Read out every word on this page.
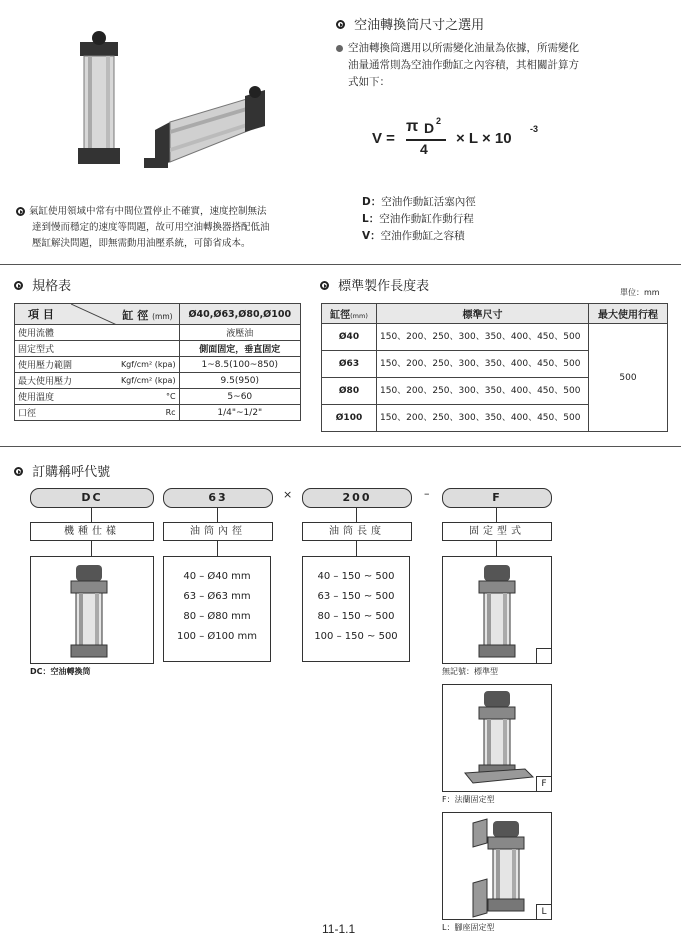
空油轉換筒尺寸之選用
空油轉換筒選用以所需變化油量為依據，所需變化
油量通常則為空油作動缸之內容積，其相關計算方
式如下：
V =
π D 2
4
× L × 10
-3
D：空油作動缸活塞內徑
L：空油作動缸作動行程
V：空油作動缸之容積
氣缸使用領域中常有中間位置停止不確實，速度控制無法
達到慢而穩定的速度等問題，故可用空油轉換器搭配低油
壓缸解決問題，即無需動用油壓系統，可節省成本。
規格表
項 目 缸 徑 (mm)		Ø40,Ø63,Ø80,Ø100
使用流體		液壓油
固定型式		側面固定，垂直固定
使用壓力範圍	Kgf/cm² (kpa)	1~8.5(100~850)
最大使用壓力	Kgf/cm² (kpa)	9.5(950)
使用溫度	°C	5~60
口徑	Rc	1/4"~1/2"
標準製作長度表	單位：mm
缸徑(mm)	標準尺寸	最大使用行程
Ø40	150、200、250、300、350、400、450、500	500
Ø63	150、200、250、300、350、400、450、500	
Ø80	150、200、250、300、350、400、450、500	
Ø100	150、200、250、300、350、400、450、500	
訂購稱呼代號
DC	63	200	F
×	–
機種仕樣	油筒內徑	油筒長度	固定型式
DC：空油轉換筒
40 – Ø40 mm
63 – Ø63 mm
80 – Ø80 mm
100 – Ø100 mm
40 – 150 ~ 500
63 – 150 ~ 500
80 – 150 ~ 500
100 – 150 ~ 500
無記號：標準型
F
F：法蘭固定型
L
L：腳座固定型
11-1.1
